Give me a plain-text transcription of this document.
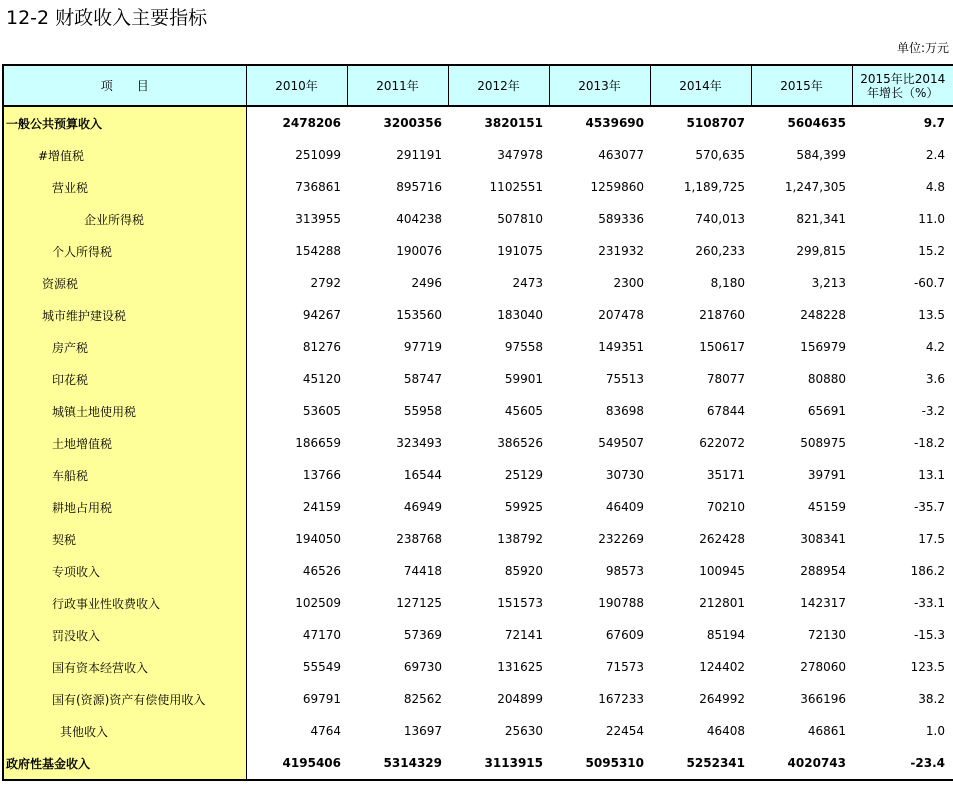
12-2 财政收入主要指标
单位:万元
项　　目	2010年	2011年	2012年	2013年	2014年	2015年	2015年比2014年增长（%）
一般公共预算收入	2478206	3200356	3820151	4539690	5108707	5604635	9.7
#增值税	251099	291191	347978	463077	570,635	584,399	2.4
营业税	736861	895716	1102551	1259860	1,189,725	1,247,305	4.8
企业所得税	313955	404238	507810	589336	740,013	821,341	11.0
个人所得税	154288	190076	191075	231932	260,233	299,815	15.2
资源税	2792	2496	2473	2300	8,180	3,213	-60.7
城市维护建设税	94267	153560	183040	207478	218760	248228	13.5
房产税	81276	97719	97558	149351	150617	156979	4.2
印花税	45120	58747	59901	75513	78077	80880	3.6
城镇土地使用税	53605	55958	45605	83698	67844	65691	-3.2
土地增值税	186659	323493	386526	549507	622072	508975	-18.2
车船税	13766	16544	25129	30730	35171	39791	13.1
耕地占用税	24159	46949	59925	46409	70210	45159	-35.7
契税	194050	238768	138792	232269	262428	308341	17.5
专项收入	46526	74418	85920	98573	100945	288954	186.2
行政事业性收费收入	102509	127125	151573	190788	212801	142317	-33.1
罚没收入	47170	57369	72141	67609	85194	72130	-15.3
国有资本经营收入	55549	69730	131625	71573	124402	278060	123.5
国有(资源)资产有偿使用收入	69791	82562	204899	167233	264992	366196	38.2
其他收入	4764	13697	25630	22454	46408	46861	1.0
政府性基金收入	4195406	5314329	3113915	5095310	5252341	4020743	-23.4
